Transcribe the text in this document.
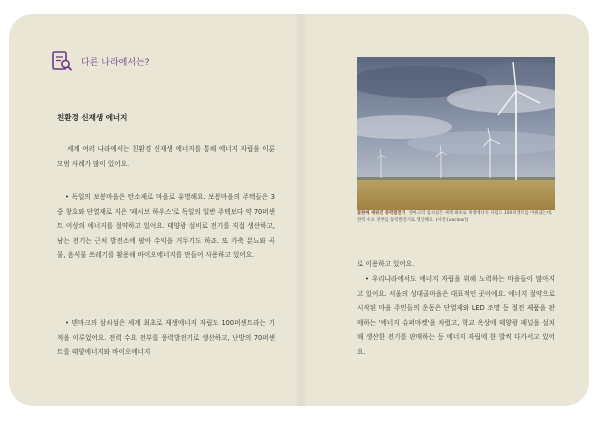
다른 나라에서는?
친환경 신재생 에너지

세계 여러 나라에서는 친환경 신재생 에너지를 통해 에너지 자립을 이룬 모범 사례가 많이 있어요.

• 독일의 보봉마을은 탄소제로 마을로 유명해요. 보봉마을의 주택들은 3중 창호와 단열재로 지은 '패시브 하우스'로 독일의 일반 주택보다 약 70퍼센트 이상의 에너지를 절약하고 있어요. 태양광 설비로 전기를 직접 생산하고, 남는 전기는 근처 발전소에 팔아 수익을 거두기도 하죠. 또 가축 분뇨와 곡물, 음식물 쓰레기를 활용해 바이오에너지를 만들어 사용하고 있어요.

• 덴마크의 삼쇠섬은 세계 최초로 재생에너지 자립도 100퍼센트라는 기적을 이루었어요. 전력 수요 전부를 풍력발전기로 생산하고, 난방의 70퍼센트를 태양에너지와 바이오에너지

들판에 세워진 풍력발전기 덴마크의 삼쇠섬은 세계 최초로 재생에너지 자립도 100퍼센트를 이뤄냈는데, 전력 수요 전부를 풍력발전기로 생산해요. (사진:[unclear])

로 이용하고 있어요.

• 우리나라에서도 에너지 자립을 위해 노력하는 마을들이 많아지고 있어요. 서울의 성대골마을은 대표적인 곳이에요. 에너지 절약으로 시작된 마을 주민들의 운동은 단열재와 LED 조명 등 절전 제품을 판매하는 '에너지 슈퍼마켓'을 차렸고, 학교 옥상에 태양광 패널을 설치해 생산한 전기를 판매하는 등 에너지 자립에 한 발씩 다가서고 있어요.
